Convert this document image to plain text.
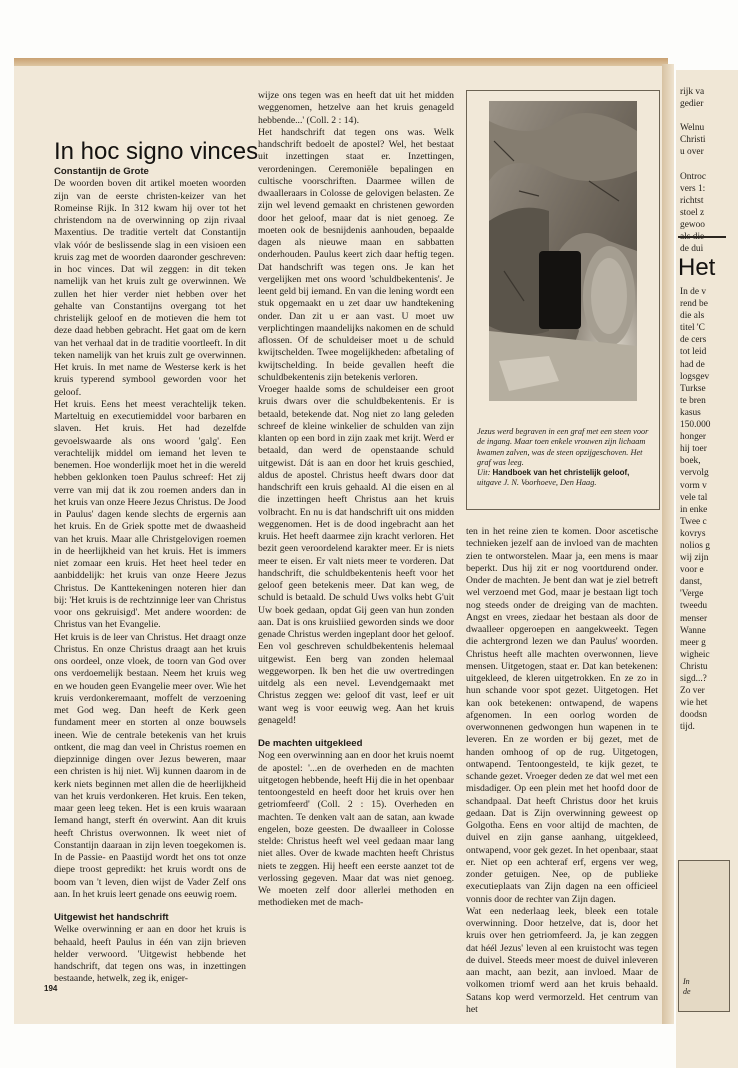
In hoc signo vinces

Constantijn de Grote

De woorden boven dit artikel moeten woorden zijn van de eerste christen-keizer van het Romeinse Rijk. In 312 kwam hij over tot het christendom na de overwinning op zijn rivaal Maxentius. De traditie vertelt dat Constantijn vlak vóór de beslissende slag in een visioen een kruis zag met de woorden daaronder geschreven: in hoc vinces. Dat wil zeggen: in dit teken namelijk van het kruis zult ge overwinnen. We zullen het hier verder niet hebben over het gehalte van Constantijns overgang tot het christelijk geloof en de motieven die hem tot deze daad hebben gebracht. Het gaat om de kern van het verhaal dat in de traditie voortleeft. In dit teken namelijk van het kruis zult ge overwinnen. Het kruis. In met name de Westerse kerk is het kruis typerend symbool geworden voor het geloof.

Het kruis. Eens het meest verachtelijk teken. Marteltuig en executiemiddel voor barbaren en slaven. Het kruis. Het had dezelfde gevoelswaarde als ons woord 'galg'. Een verachtelijk middel om iemand het leven te benemen. Hoe wonderlijk moet het in die wereld hebben geklonken toen Paulus schreef: Het zij verre van mij dat ik zou roemen anders dan in het kruis van onze Heere Jezus Christus. De Jood in Paulus' dagen kende slechts de ergernis aan het kruis. En de Griek spotte met de dwaasheid van het kruis. Maar alle Christgelovigen roemen in de heerlijkheid van het kruis. Het is immers niet zomaar een kruis. Het heet heel teder en aanbiddelijk: het kruis van onze Heere Jezus Christus. De Kanttekeningen noteren hier dan bij: 'Het kruis is de rechtzinnige leer van Christus voor ons gekruisigd'. Met andere woorden: de Christus van het Evangelie.

Het kruis is de leer van Christus. Het draagt onze Christus. En onze Christus draagt aan het kruis ons oordeel, onze vloek, de toorn van God over ons verdoemelijk bestaan. Neem het kruis weg en we houden geen Evangelie meer over. Wie het kruis verdonkeremaant, moffelt de verzoening met God weg. Dan heeft de Kerk geen fundament meer en storten al onze bouwsels ineen. Wie de centrale betekenis van het kruis ontkent, die mag dan veel in Christus roemen en diepzinnige dingen over Jezus beweren, maar een christen is hij niet. Wij kunnen daarom in de kerk niets beginnen met allen die de heerlijkheid van het kruis verdonkeren. Het kruis. Een teken, maar geen leeg teken. Het is een kruis waaraan Iemand hangt, sterft én overwint. Aan dit kruis heeft Christus overwonnen. Ik weet niet of Constantijn daaraan in zijn leven toegekomen is. In de Passie- en Paastijd wordt het ons tot onze diepe troost gepredikt: het kruis wordt ons de boom van 't leven, dien wijst de Vader Zelf ons aan. In het kruis leert genade ons eeuwig roem.

Uitgewist het handschrift

Welke overwinning er aan en door het kruis is behaald, heeft Paulus in één van zijn brieven helder verwoord. 'Uitgewist hebbende het handschrift, dat tegen ons was, in inzettingen bestaande, hetwelk, zeg ik, eniger-

wijze ons tegen was en heeft dat uit het midden weggenomen, hetzelve aan het kruis genageld hebbende...' (Coll. 2 : 14).

Het handschrift dat tegen ons was. Welk handschrift bedoelt de apostel? Wel, het bestaat uit inzettingen staat er. Inzettingen, verordeningen. Ceremoniële bepalingen en cultische voorschriften. Daarmee willen de dwaalleraars in Colosse de gelovigen belasten. Ze zijn wel levend gemaakt en christenen geworden door het geloof, maar dat is niet genoeg. Ze moeten ook de besnijdenis aanhouden, bepaalde dagen als nieuwe maan en sabbatten onderhouden. Paulus keert zich daar heftig tegen. Dat handschrift was tegen ons. Je kan het vergelijken met ons woord 'schuldbekentenis'. Je leent geld bij iemand. En van die lening wordt een stuk opgemaakt en u zet daar uw handtekening onder. Dan zit u er aan vast. U moet uw verplichtingen maandelijks nakomen en de schuld aflossen. Of de schuldeiser moet u de schuld kwijtschelden. Twee mogelijkheden: afbetaling of kwijtschelding. In beide gevallen heeft die schuldbekentenis zijn betekenis verloren.

Vroeger haalde soms de schuldeiser een groot kruis dwars over die schuldbekentenis. Er is betaald, betekende dat. Nog niet zo lang geleden schreef de kleine winkelier de schulden van zijn klanten op een bord in zijn zaak met krijt. Werd er betaald, dan werd de openstaande schuld uitgewist. Dát is aan en door het kruis geschied, aldus de apostel. Christus heeft dwars door dat handschrift een kruis gehaald. Al die eisen en al die inzettingen heeft Christus aan het kruis volbracht. En nu is dat handschrift uit ons midden weggenomen. Het is de dood ingebracht aan het kruis. Het heeft daarmee zijn kracht verloren. Het bezit geen veroordelend karakter meer. Er is niets meer te eisen. Er valt niets meer te vorderen. Dat handschrift, die schuldbekentenis heeft voor het geloof geen betekenis meer. Dat kan weg, de schuld is betaald. De schuld Uws volks hebt G'uit Uw boek gedaan, opdat Gij geen van hun zonden aan. Dat is ons kruisliied geworden sinds we door genade Christus werden ingeplant door het geloof. Een vol geschreven schuldbekentenis helemaal uitgewist. Een berg van zonden helemaal weggeworpen. Ik ben het die uw overtredingen uitdelg als een nevel. Levendgemaakt met Christus zeggen we: geloof dit vast, leef er uit want weg is voor eeuwig weg. Aan het kruis genageld!

De machten uitgekleed

Nog een overwinning aan en door het kruis noemt de apostel: '...en de overheden en de machten uitgetogen hebbende, heeft Hij die in het openbaar tentoongesteld en heeft door het kruis over hen getriomfeerd' (Coll. 2 : 15). Overheden en machten. Te denken valt aan de satan, aan kwade engelen, boze geesten. De dwaalleer in Colosse stelde: Christus heeft wel veel gedaan maar lang niet alles. Over de kwade machten heeft Christus niets te zeggen. Hij heeft een eerste aanzet tot de verlossing gegeven. Maar dat was niet genoeg. We moeten zelf door allerlei methoden en methodieken met de mach-

ten in het reine zien te komen. Door ascetische technieken jezelf aan de invloed van de machten zien te ontworstelen. Maar ja, een mens is maar beperkt. Dus hij zit er nog voortdurend onder. Onder de machten. Je bent dan wat je ziel betreft wel verzoend met God, maar je bestaan ligt toch nog steeds onder de dreiging van de machten. Angst en vrees, ziedaar het bestaan als door de dwaalleer opgeroepen en aangekweekt. Tegen die achtergrond lezen we dan Paulus' woorden. Christus heeft alle machten overwonnen, lieve mensen. Uitgetogen, staat er. Dat kan betekenen: uitgekleed, de kleren uitgetrokken. En ze zo in hun schande voor spot gezet. Uitgetogen. Het kan ook betekenen: ontwapend, de wapens afgenomen. In een oorlog worden de overwonnenen gedwongen hun wapenen in te leveren. En ze worden er bij gezet, met de handen omhoog of op de rug. Uitgetogen, ontwapend. Tentoongesteld, te kijk gezet, te schande gezet. Vroeger deden ze dat wel met een misdadiger. Op een plein met het hoofd door de schandpaal. Dat heeft Christus door het kruis gedaan. Dat is Zijn overwinning geweest op Golgotha. Eens en voor altijd de machten, de duivel en zijn ganse aanhang, uitgekleed, ontwapend, voor gek gezet. In het openbaar, staat er. Niet op een achteraf erf, ergens ver weg, zonder getuigen. Nee, op de publieke executieplaats van Zijn dagen na een officieel vonnis door de rechter van Zijn dagen.

Wat een nederlaag leek, bleek een totale overwinning. Door hetzelve, dat is, door het kruis over hen getriomfeerd. Ja, je kan zeggen dat héél Jezus' leven al een kruistocht was tegen de duivel. Steeds meer moest de duivel inleveren aan macht, aan bezit, aan invloed. Maar de volkomen triomf werd aan het kruis behaald. Satans kop werd vermorzeld. Het centrum van het

Jezus werd begraven in een graf met een steen voor de ingang. Maar toen enkele vrouwen zijn lichaam kwamen zalven, was de steen opzijgeschoven. Het graf was leeg.
Uit: Handboek van het christelijk geloof,
uitgave J. N. Voorhoeve, Den Haag.
194
rijk va
gedier

Welnu
Christi
u over

Ontroc
vers 1:
richtst
stoel z
gewoo
de dui
Het
In de v
rend be
die als
titel 'C
de cers
tot leid
had de
logsgev
Turkse
te bren
kasus
150.000
honger
hij toer
boek,
vervolg
vorm v
vele tal
in enke
Twee c
kovrys
nolios g
wij zijn
voor e
danst,
'Verge
tweedu
menser
Wanne
meer g
wigheic
Christu
sigd...?
Zo ver
wie het
doodsn
tijd.
In
de
